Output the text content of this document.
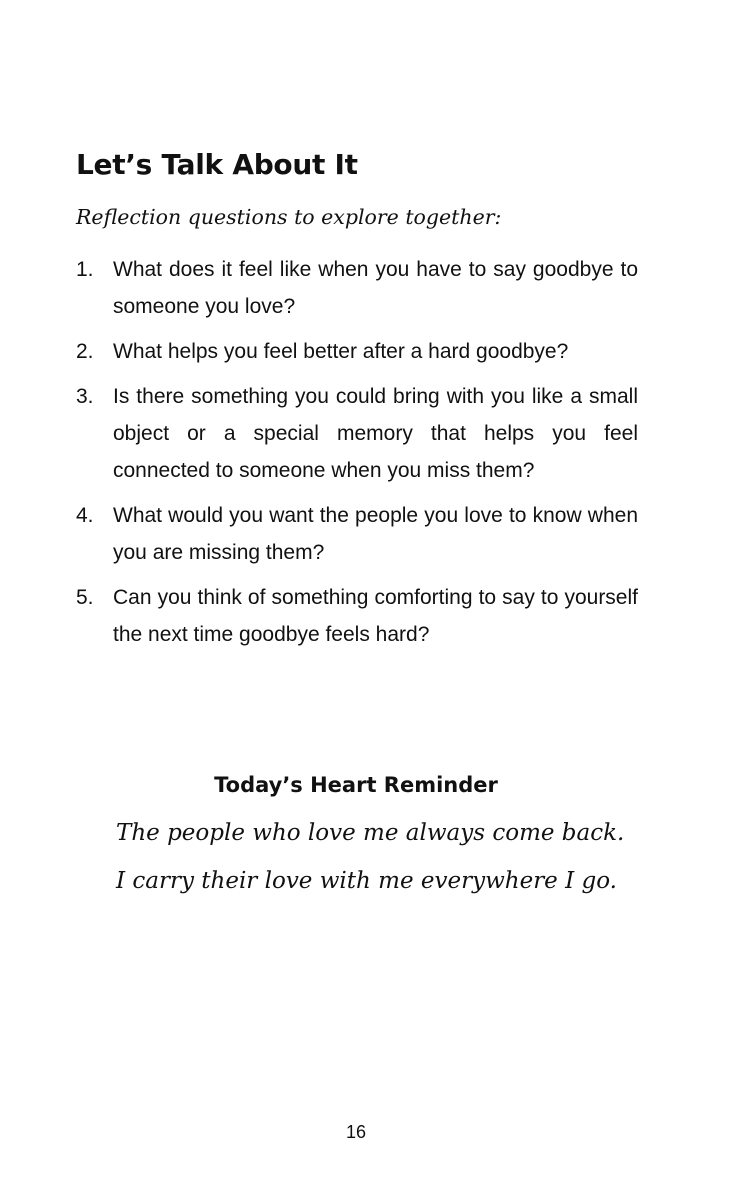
Let’s Talk About It

Reflection questions to explore together:

1. What does it feel like when you have to say goodbye to someone you love?
2. What helps you feel better after a hard goodbye?
3. Is there something you could bring with you like a small object or a special memory that helps you feel connected to someone when you miss them?
4. What would you want the people you love to know when you are missing them?
5. Can you think of something comforting to say to yourself the next time goodbye feels hard?
Today’s Heart Reminder

The people who love me always come back.

I carry their love with me everywhere I go.

16
